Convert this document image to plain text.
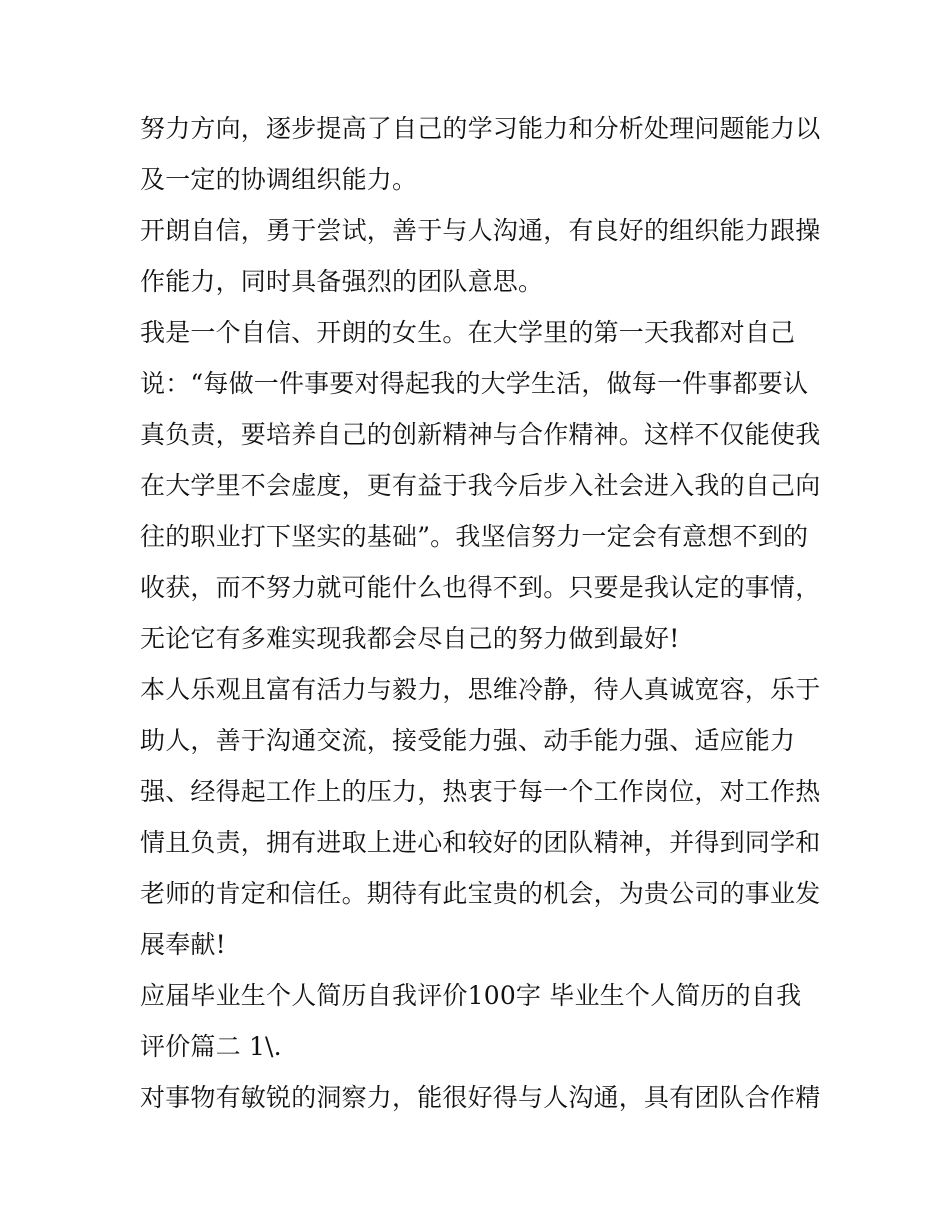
努力方向，逐步提高了自己的学习能力和分析处理问题能力以
及一定的协调组织能力。
开朗自信，勇于尝试，善于与人沟通，有良好的组织能力跟操
作能力，同时具备强烈的团队意思。
我是一个自信、开朗的女生。在大学里的第一天我都对自己
说：“每做一件事要对得起我的大学生活，做每一件事都要认
真负责，要培养自己的创新精神与合作精神。这样不仅能使我
在大学里不会虚度，更有益于我今后步入社会进入我的自己向
往的职业打下坚实的基础”。我坚信努力一定会有意想不到的
收获，而不努力就可能什么也得不到。只要是我认定的事情，
无论它有多难实现我都会尽自己的努力做到最好!
本人乐观且富有活力与毅力，思维冷静，待人真诚宽容，乐于
助人，善于沟通交流，接受能力强、动手能力强、适应能力
强、经得起工作上的压力，热衷于每一个工作岗位，对工作热
情且负责，拥有进取上进心和较好的团队精神，并得到同学和
老师的肯定和信任。期待有此宝贵的机会，为贵公司的事业发
展奉献!
应届毕业生个人简历自我评价100字 毕业生个人简历的自我
评价篇二 1\.
对事物有敏锐的洞察力，能很好得与人沟通，具有团队合作精
